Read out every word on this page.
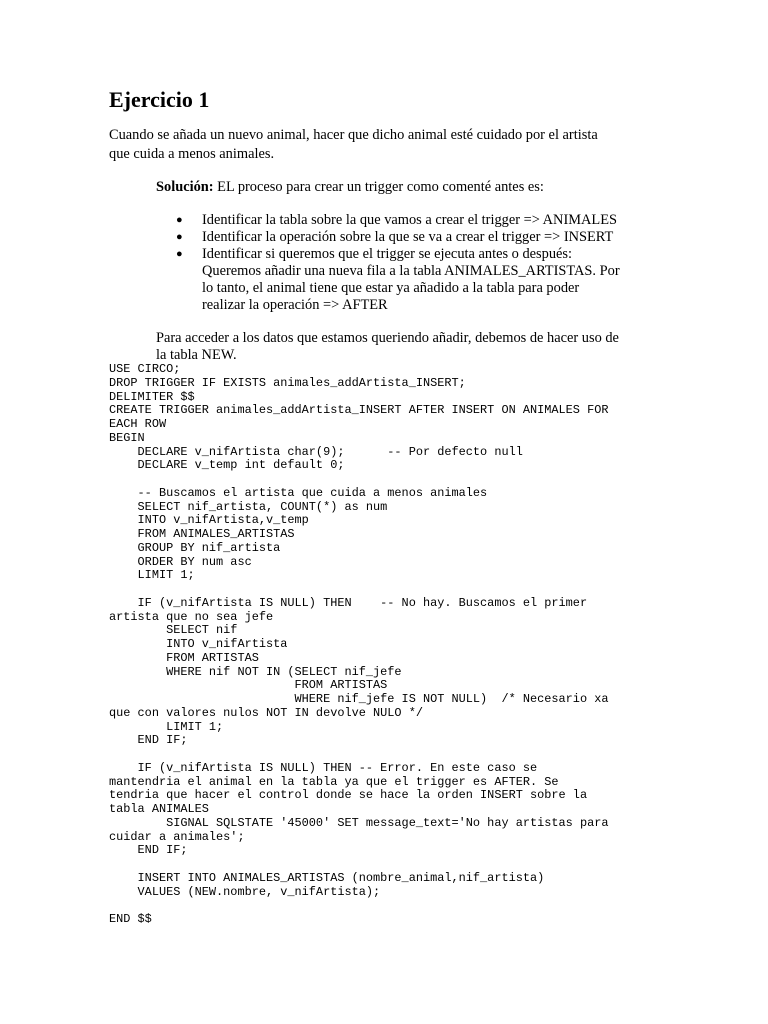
Ejercicio 1

Cuando se añada un nuevo animal, hacer que dicho animal esté cuidado por el artista
que cuida a menos animales.

Solución: EL proceso para crear un trigger como comenté antes es:

● Identificar la tabla sobre la que vamos a crear el trigger => ANIMALES
● Identificar la operación sobre la que se va a crear el trigger => INSERT
● Identificar si queremos que el trigger se ejecuta antes o después:
Queremos añadir una nueva fila a la tabla ANIMALES_ARTISTAS. Por
lo tanto, el animal tiene que estar ya añadido a la tabla para poder
realizar la operación => AFTER

Para acceder a los datos que estamos queriendo añadir, debemos de hacer uso de
la tabla NEW.

USE CIRCO;
DROP TRIGGER IF EXISTS animales_addArtista_INSERT;
DELIMITER $$
CREATE TRIGGER animales_addArtista_INSERT AFTER INSERT ON ANIMALES FOR
EACH ROW
BEGIN
DECLARE v_nifArtista char(9);      -- Por defecto null
DECLARE v_temp int default 0;
-- Buscamos el artista que cuida a menos animales
SELECT nif_artista, COUNT(*) as num
INTO v_nifArtista,v_temp
FROM ANIMALES_ARTISTAS
GROUP BY nif_artista
ORDER BY num asc
LIMIT 1;
IF (v_nifArtista IS NULL) THEN    -- No hay. Buscamos el primer
artista que no sea jefe
SELECT nif
INTO v_nifArtista
FROM ARTISTAS
WHERE nif NOT IN (SELECT nif_jefe
FROM ARTISTAS
WHERE nif_jefe IS NOT NULL)  /* Necesario xa
que con valores nulos NOT IN devolve NULO */
LIMIT 1;
END IF;
IF (v_nifArtista IS NULL) THEN -- Error. En este caso se
mantendria el animal en la tabla ya que el trigger es AFTER. Se
tendria que hacer el control donde se hace la orden INSERT sobre la
tabla ANIMALES
SIGNAL SQLSTATE '45000' SET message_text='No hay artistas para
cuidar a animales';
END IF;
INSERT INTO ANIMALES_ARTISTAS (nombre_animal,nif_artista)
VALUES (NEW.nombre, v_nifArtista);
END $$
